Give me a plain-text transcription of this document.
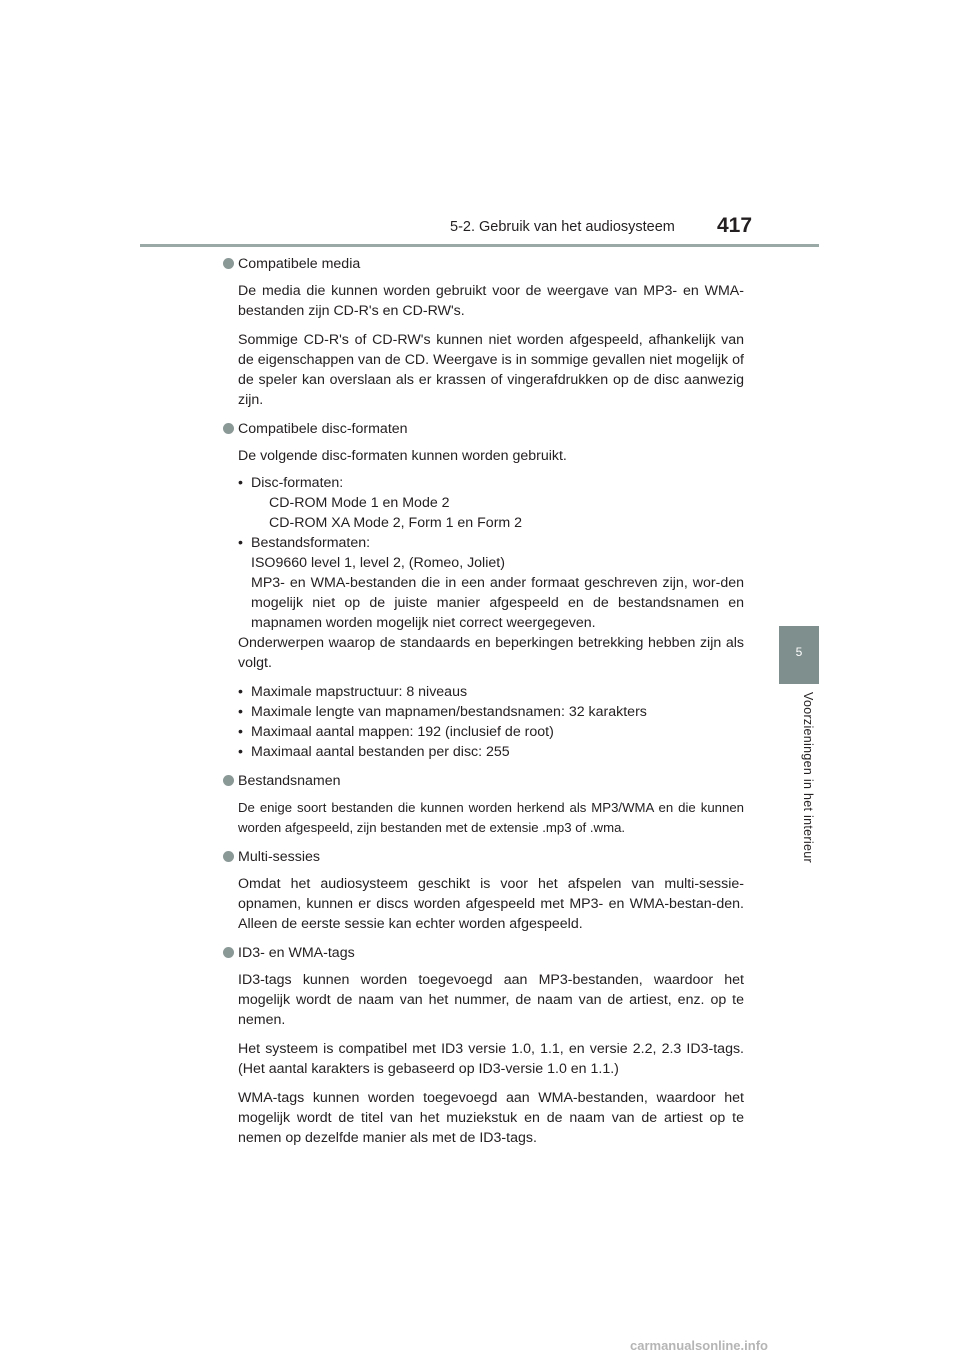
5-2. Gebruik van het audiosysteem 417
5
Voorzieningen in het interieur

Compatibele media

De media die kunnen worden gebruikt voor de weergave van MP3- en WMA-bestanden zijn CD-R's en CD-RW's.

Sommige CD-R's of CD-RW's kunnen niet worden afgespeeld, afhankelijk van de eigenschappen van de CD. Weergave is in sommige gevallen niet mogelijk of de speler kan overslaan als er krassen of vingerafdrukken op de disc aanwezig zijn.

Compatibele disc-formaten

De volgende disc-formaten kunnen worden gebruikt.

• Disc-formaten:
CD-ROM Mode 1 en Mode 2
CD-ROM XA Mode 2, Form 1 en Form 2
• Bestandsformaten:
ISO9660 level 1, level 2, (Romeo, Joliet)
MP3- en WMA-bestanden die in een ander formaat geschreven zijn, wor-den mogelijk niet op de juiste manier afgespeeld en de bestandsnamen en mapnamen worden mogelijk niet correct weergegeven.
Onderwerpen waarop de standaards en beperkingen betrekking hebben zijn als volgt.
• Maximale mapstructuur: 8 niveaus
• Maximale lengte van mapnamen/bestandsnamen: 32 karakters
• Maximaal aantal mappen: 192 (inclusief de root)
• Maximaal aantal bestanden per disc: 255

Bestandsnamen

De enige soort bestanden die kunnen worden herkend als MP3/WMA en die kunnen worden afgespeeld, zijn bestanden met de extensie .mp3 of .wma.

Multi-sessies

Omdat het audiosysteem geschikt is voor het afspelen van multi-sessie-opnamen, kunnen er discs worden afgespeeld met MP3- en WMA-bestan-den. Alleen de eerste sessie kan echter worden afgespeeld.

ID3- en WMA-tags

ID3-tags kunnen worden toegevoegd aan MP3-bestanden, waardoor het mogelijk wordt de naam van het nummer, de naam van de artiest, enz. op te nemen.

Het systeem is compatibel met ID3 versie 1.0, 1.1, en versie 2.2, 2.3 ID3-tags. (Het aantal karakters is gebaseerd op ID3-versie 1.0 en 1.1.)

WMA-tags kunnen worden toegevoegd aan WMA-bestanden, waardoor het mogelijk wordt de titel van het muziekstuk en de naam van de artiest op te nemen op dezelfde manier als met de ID3-tags.

carmanualsonline.info
